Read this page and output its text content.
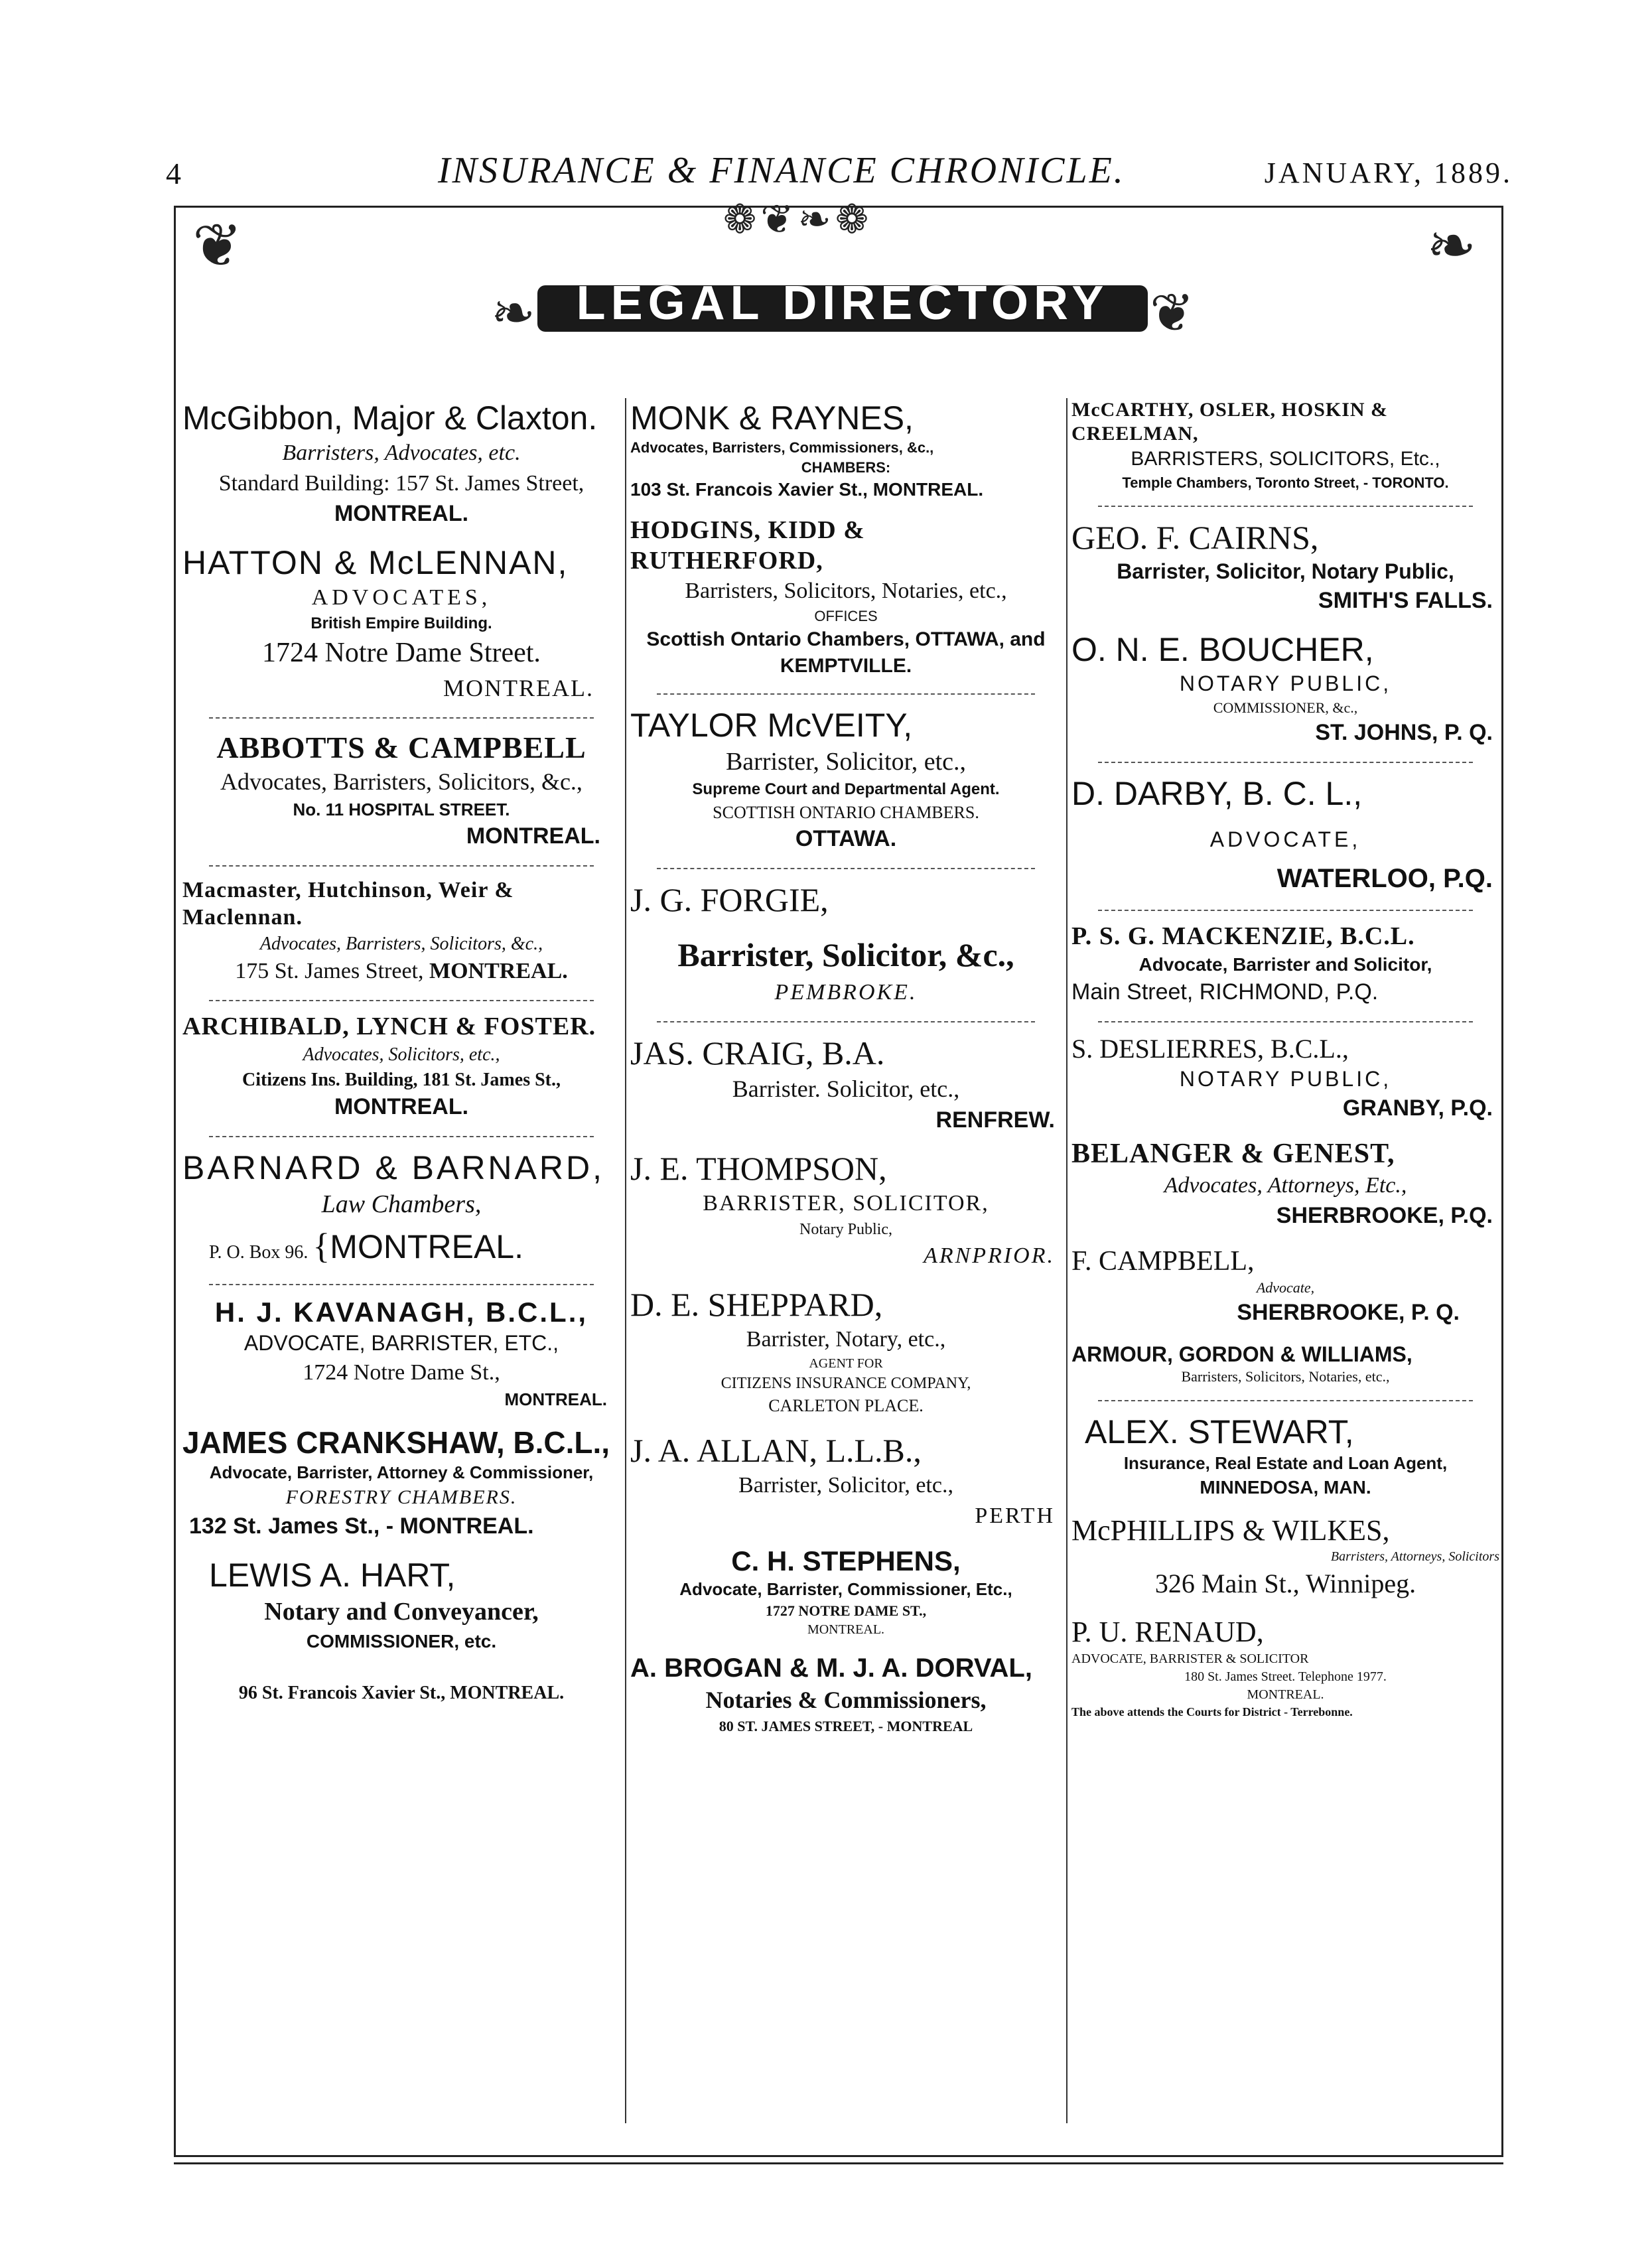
4	INSURANCE & FINANCE CHRONICLE.	JANUARY, 1889.
❦	❧
❁❦❧❁
❧ LEGAL DIRECTORY ❦

McGibbon, Major & Claxton.

Barristers, Advocates, etc.

Standard Building: 157 St. James Street,

MONTREAL.

HATTON & McLENNAN,

ADVOCATES,

British Empire Building.

1724 Notre Dame Street.

MONTREAL.

ABBOTTS & CAMPBELL

Advocates, Barristers, Solicitors, &c.,

No. 11 HOSPITAL STREET.

MONTREAL.

Macmaster, Hutchinson, Weir & Maclennan.

Advocates, Barristers, Solicitors, &c.,

175 St. James Street, MONTREAL.

ARCHIBALD, LYNCH & FOSTER.

Advocates, Solicitors, etc.,

Citizens Ins. Building, 181 St. James St.,

MONTREAL.

BARNARD & BARNARD,

Law Chambers,

P. O. Box 96. {MONTREAL.

H. J. KAVANAGH, B.C.L.,

ADVOCATE, BARRISTER, ETC.,

1724 Notre Dame St.,

MONTREAL.

JAMES CRANKSHAW, B.C.L.,

Advocate, Barrister, Attorney & Commissioner,

FORESTRY CHAMBERS.

132 St. James St., - MONTREAL.

LEWIS A. HART,

Notary and Conveyancer,

COMMISSIONER, etc.

96 St. Francois Xavier St., MONTREAL.

MONK & RAYNES,

Advocates, Barristers, Commissioners, &c.,

CHAMBERS:

103 St. Francois Xavier St., MONTREAL.

HODGINS, KIDD & RUTHERFORD,

Barristers, Solicitors, Notaries, etc.,

OFFICES

Scottish Ontario Chambers, OTTAWA, and KEMPTVILLE.

TAYLOR McVEITY,

Barrister, Solicitor, etc.,

Supreme Court and Departmental Agent.

SCOTTISH ONTARIO CHAMBERS.

OTTAWA.

J. G. FORGIE,

Barrister, Solicitor, &c.,

PEMBROKE.

JAS. CRAIG, B.A.

Barrister. Solicitor, etc.,

RENFREW.

J. E. THOMPSON,

BARRISTER, SOLICITOR,

Notary Public,

ARNPRIOR.

D. E. SHEPPARD,

Barrister, Notary, etc.,

AGENT FOR

CITIZENS INSURANCE COMPANY,

CARLETON PLACE.

J. A. ALLAN, L.L.B.,

Barrister, Solicitor, etc.,

PERTH

C. H. STEPHENS,

Advocate, Barrister, Commissioner, Etc.,

1727 NOTRE DAME ST.,

MONTREAL.

A. BROGAN & M. J. A. DORVAL,

Notaries & Commissioners,

80 ST. JAMES STREET, - MONTREAL

McCARTHY, OSLER, HOSKIN & CREELMAN,

BARRISTERS, SOLICITORS, Etc.,

Temple Chambers, Toronto Street, - TORONTO.

GEO. F. CAIRNS,

Barrister, Solicitor, Notary Public,

SMITH'S FALLS.

O. N. E. BOUCHER,

NOTARY PUBLIC,

COMMISSIONER, &c.,

ST. JOHNS, P. Q.

D. DARBY, B. C. L.,

ADVOCATE,

WATERLOO, P.Q.

P. S. G. MACKENZIE, B.C.L.

Advocate, Barrister and Solicitor,

Main Street, RICHMOND, P.Q.

S. DESLIERRES, B.C.L.,

NOTARY PUBLIC,

GRANBY, P.Q.

BELANGER & GENEST,

Advocates, Attorneys, Etc.,

SHERBROOKE, P.Q.

F. CAMPBELL,

Advocate,

SHERBROOKE, P. Q.

ARMOUR, GORDON & WILLIAMS,

Barristers, Solicitors, Notaries, etc.,

ALEX. STEWART,

Insurance, Real Estate and Loan Agent,

MINNEDOSA, MAN.

McPHILLIPS & WILKES,

Barristers, Attorneys, Solicitors

326 Main St., Winnipeg.

P. U. RENAUD,

ADVOCATE, BARRISTER & SOLICITOR

180 St. James Street. Telephone 1977.

MONTREAL.

The above attends the Courts for District - Terrebonne.
